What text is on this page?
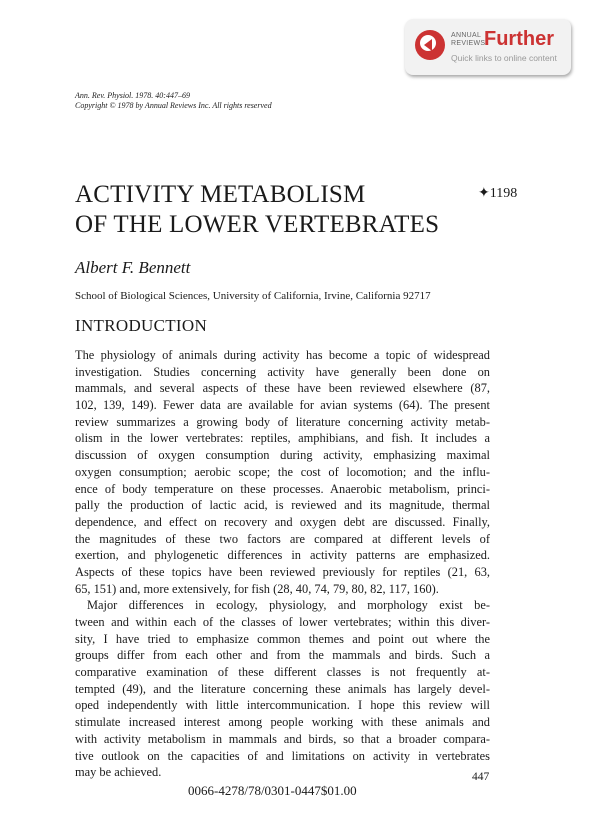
ANNUAL
REVIEWS
Further
Quick links to online content
Ann. Rev. Physiol. 1978. 40:447–69
Copyright © 1978 by Annual Reviews Inc. All rights reserved
ACTIVITY METABOLISM
OF THE LOWER VERTEBRATES
✦1198
Albert F. Bennett
School of Biological Sciences, University of California, Irvine, California 92717
INTRODUCTION
The physiology of animals during activity has become a topic of widespread
investigation. Studies concerning activity have generally been done on
mammals, and several aspects of these have been reviewed elsewhere (87,
102, 139, 149). Fewer data are available for avian systems (64). The present
review summarizes a growing body of literature concerning activity metab-
olism in the lower vertebrates: reptiles, amphibians, and fish. It includes a
discussion of oxygen consumption during activity, emphasizing maximal
oxygen consumption; aerobic scope; the cost of locomotion; and the influ-
ence of body temperature on these processes. Anaerobic metabolism, princi-
pally the production of lactic acid, is reviewed and its magnitude, thermal
dependence, and effect on recovery and oxygen debt are discussed. Finally,
the magnitudes of these two factors are compared at different levels of
exertion, and phylogenetic differences in activity patterns are emphasized.
Aspects of these topics have been reviewed previously for reptiles (21, 63,
65, 151) and, more extensively, for fish (28, 40, 74, 79, 80, 82, 117, 160).
Major differences in ecology, physiology, and morphology exist be-
tween and within each of the classes of lower vertebrates; within this diver-
sity, I have tried to emphasize common themes and point out where the
groups differ from each other and from the mammals and birds. Such a
comparative examination of these different classes is not frequently at-
tempted (49), and the literature concerning these animals has largely devel-
oped independently with little intercommunication. I hope this review will
stimulate increased interest among people working with these animals and
with activity metabolism in mammals and birds, so that a broader compara-
tive outlook on the capacities of and limitations on activity in vertebrates
may be achieved.	447
0066-4278/78/0301-0447$01.00
